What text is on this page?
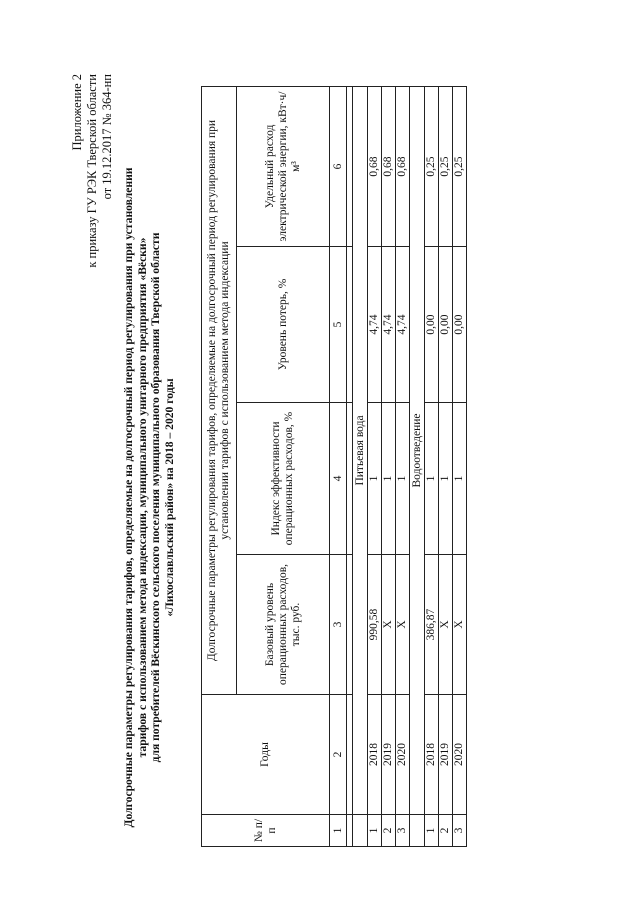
Приложение 2 к приказу ГУ РЭК Тверской области от 19.12.2017 № 364-нп
Долгосрочные параметры регулирования тарифов, определяемые на долгосрочный период регулирования при установлении тарифов с использованием метода индексации, муниципального унитарного предприятия «Вёски» для потребителей Вёскинского сельского поселения муниципального образования Тверской области «Лихославльский район» на 2018 – 2020 годы
№ п/п	Годы	Долгосрочные параметры регулирования тарифов, определяемые на долгосрочный период регулирования при установлении тарифов с использованием метода индексации			
		Базовый уровень операционных расходов, тыс. руб.	Индекс эффективности операционных расходов, %	Уровень потерь, %	Удельный расход электрической энергии, кВт·ч/м³
1	2	3	4	5	6

	Питьевая вода				
1	2018	990,58	1	4,74	0,68
2	2019	Х	1	4,74	0,68
3	2020	Х	1	4,74	0,68
	Водоотведение				
1	2018	386,87	1	0,00	0,25
2	2019	Х	1	0,00	0,25
3	2020	Х	1	0,00	0,25
